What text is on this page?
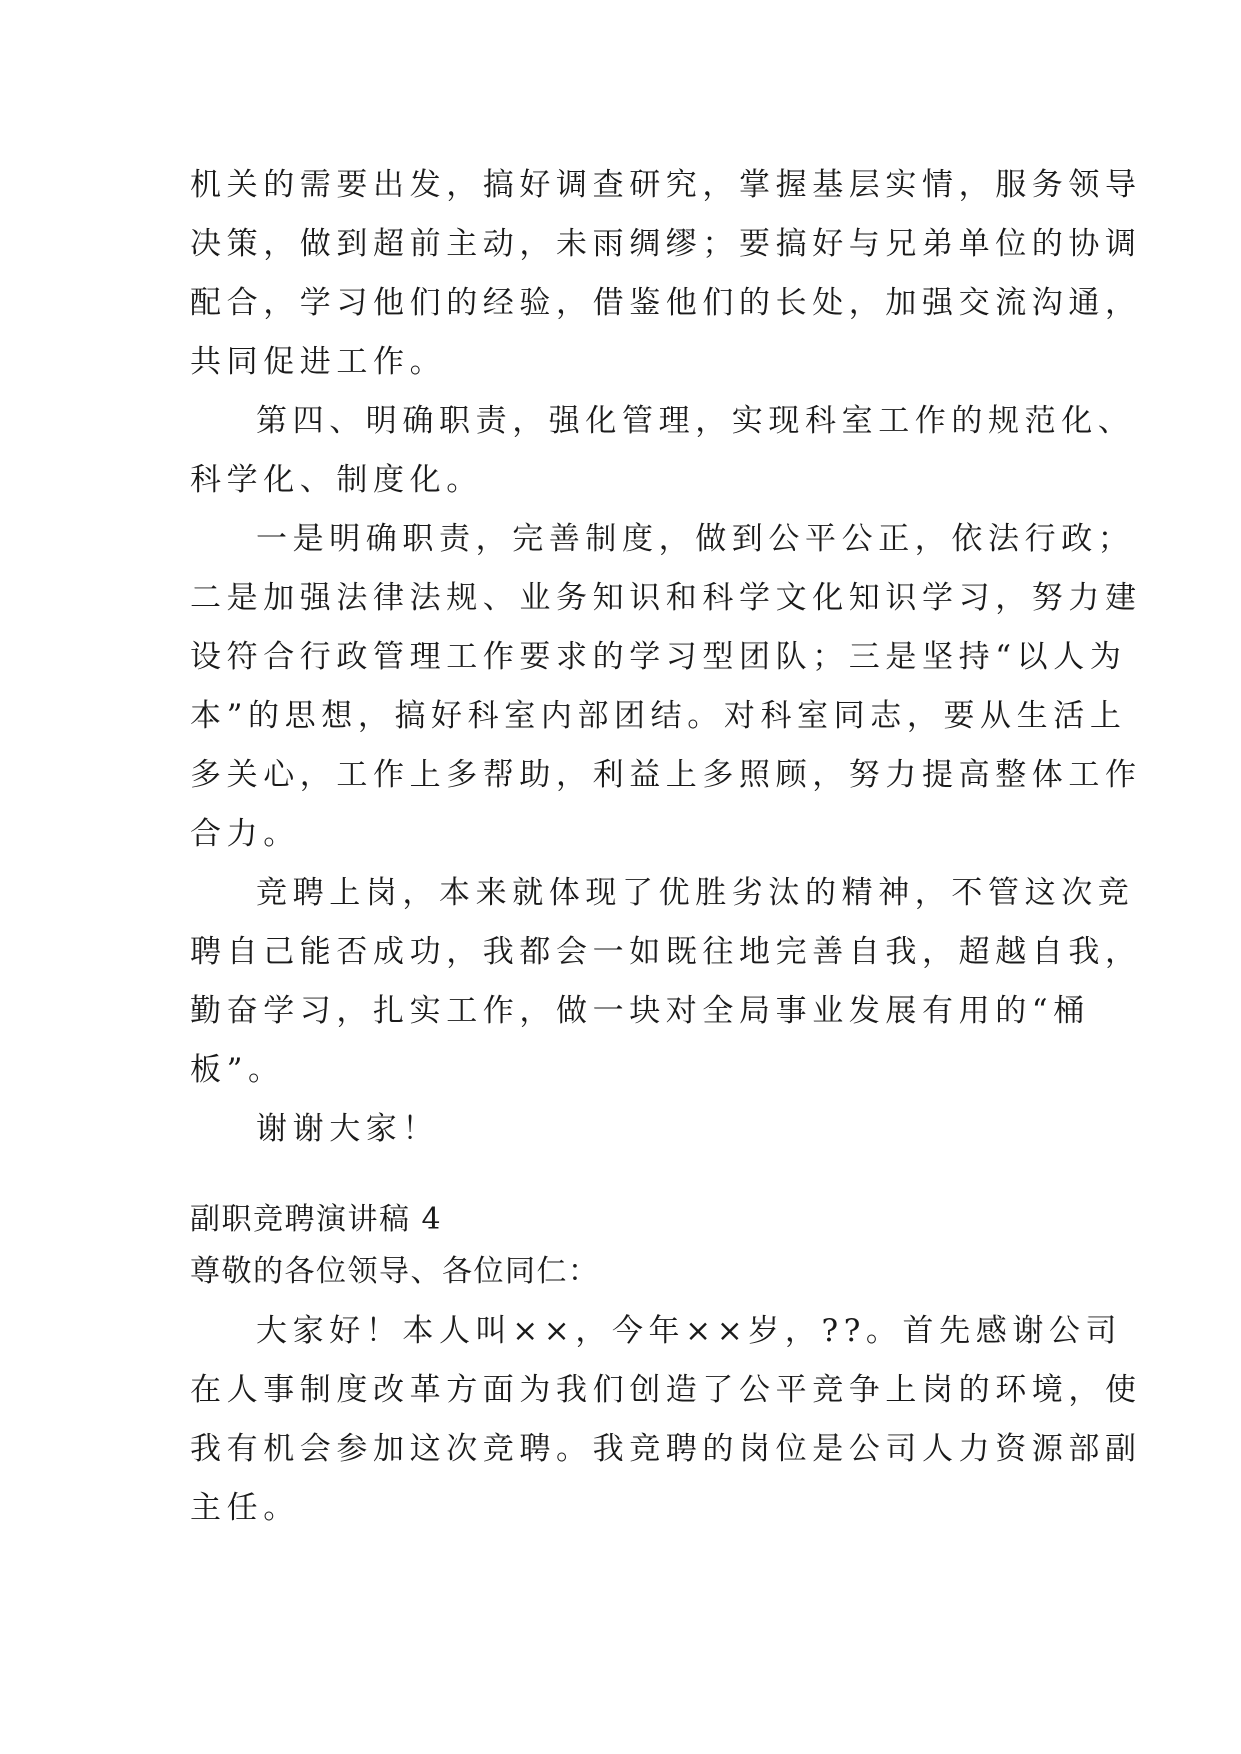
机关的需要出发，搞好调查研究，掌握基层实情，服务领导
决策，做到超前主动，未雨绸缪；要搞好与兄弟单位的协调
配合，学习他们的经验，借鉴他们的长处，加强交流沟通，
共同促进工作。
第四、明确职责，强化管理，实现科室工作的规范化、
科学化、制度化。
一是明确职责，完善制度，做到公平公正，依法行政；
二是加强法律法规、业务知识和科学文化知识学习，努力建
设符合行政管理工作要求的学习型团队；三是坚持“以人为
本”的思想，搞好科室内部团结。对科室同志，要从生活上
多关心，工作上多帮助，利益上多照顾，努力提高整体工作
合力。
竞聘上岗，本来就体现了优胜劣汰的精神，不管这次竞
聘自己能否成功，我都会一如既往地完善自我，超越自我，
勤奋学习，扎实工作，做一块对全局事业发展有用的“桶
板”。
谢谢大家！
副职竞聘演讲稿 4
尊敬的各位领导、各位同仁：
大家好！本人叫××，今年××岁，??。首先感谢公司
在人事制度改革方面为我们创造了公平竞争上岗的环境，使
我有机会参加这次竞聘。我竞聘的岗位是公司人力资源部副
主任。
